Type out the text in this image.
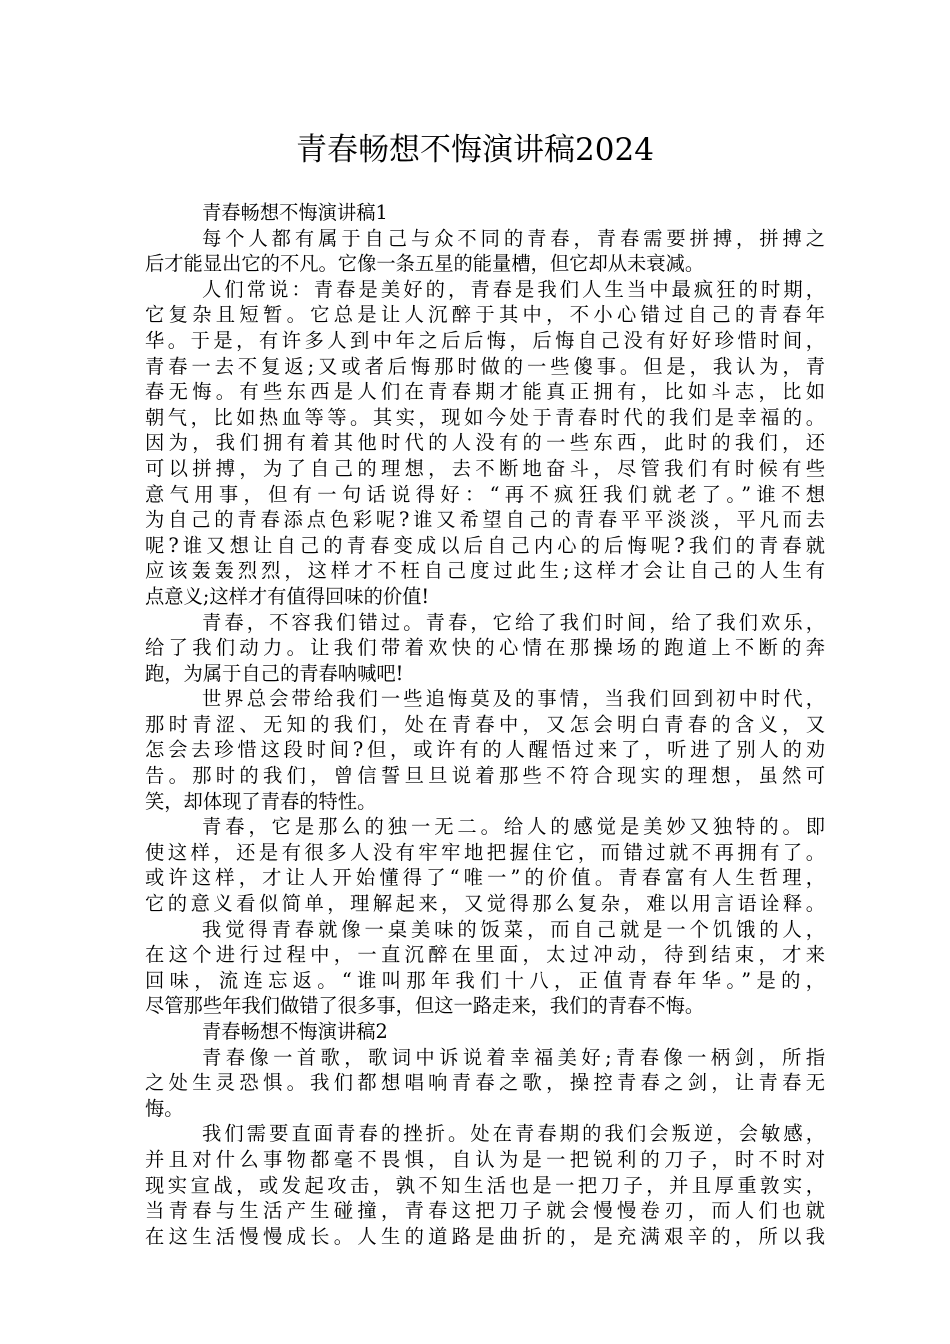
青春畅想不悔演讲稿2024
青春畅想不悔演讲稿1
每个人都有属于自己与众不同的青春，青春需要拼搏，拼搏之
后才能显出它的不凡。它像一条五星的能量槽，但它却从未衰减。
人们常说：青春是美好的，青春是我们人生当中最疯狂的时期，
它复杂且短暂。它总是让人沉醉于其中，不小心错过自己的青春年
华。于是，有许多人到中年之后后悔，后悔自己没有好好珍惜时间，
青春一去不复返;又或者后悔那时做的一些傻事。但是，我认为，青
春无悔。有些东西是人们在青春期才能真正拥有，比如斗志，比如
朝气，比如热血等等。其实，现如今处于青春时代的我们是幸福的。
因为，我们拥有着其他时代的人没有的一些东西，此时的我们，还
可以拼搏，为了自己的理想，去不断地奋斗，尽管我们有时候有些
意气用事，但有一句话说得好：“再不疯狂我们就老了。”谁不想
为自己的青春添点色彩呢?谁又希望自己的青春平平淡淡，平凡而去
呢?谁又想让自己的青春变成以后自己内心的后悔呢?我们的青春就
应该轰轰烈烈，这样才不枉自己度过此生;这样才会让自己的人生有
点意义;这样才有值得回味的价值!
青春，不容我们错过。青春，它给了我们时间，给了我们欢乐，
给了我们动力。让我们带着欢快的心情在那操场的跑道上不断的奔
跑，为属于自己的青春呐喊吧!
世界总会带给我们一些追悔莫及的事情，当我们回到初中时代，
那时青涩、无知的我们，处在青春中，又怎会明白青春的含义，又
怎会去珍惜这段时间?但，或许有的人醒悟过来了，听进了别人的劝
告。那时的我们，曾信誓旦旦说着那些不符合现实的理想，虽然可
笑，却体现了青春的特性。
青春，它是那么的独一无二。给人的感觉是美妙又独特的。即
使这样，还是有很多人没有牢牢地把握住它，而错过就不再拥有了。
或许这样，才让人开始懂得了“唯一”的价值。青春富有人生哲理，
它的意义看似简单，理解起来，又觉得那么复杂，难以用言语诠释。
我觉得青春就像一桌美味的饭菜，而自己就是一个饥饿的人，
在这个进行过程中，一直沉醉在里面，太过冲动，待到结束，才来
回味，流连忘返。“谁叫那年我们十八，正值青春年华。”是的，
尽管那些年我们做错了很多事，但这一路走来，我们的青春不悔。
青春畅想不悔演讲稿2
青春像一首歌，歌词中诉说着幸福美好;青春像一柄剑，所指
之处生灵恐惧。我们都想唱响青春之歌，操控青春之剑，让青春无
悔。
我们需要直面青春的挫折。处在青春期的我们会叛逆，会敏感，
并且对什么事物都毫不畏惧，自认为是一把锐利的刀子，时不时对
现实宣战，或发起攻击，孰不知生活也是一把刀子，并且厚重敦实，
当青春与生活产生碰撞，青春这把刀子就会慢慢卷刃，而人们也就
在这生活慢慢成长。人生的道路是曲折的，是充满艰辛的，所以我
